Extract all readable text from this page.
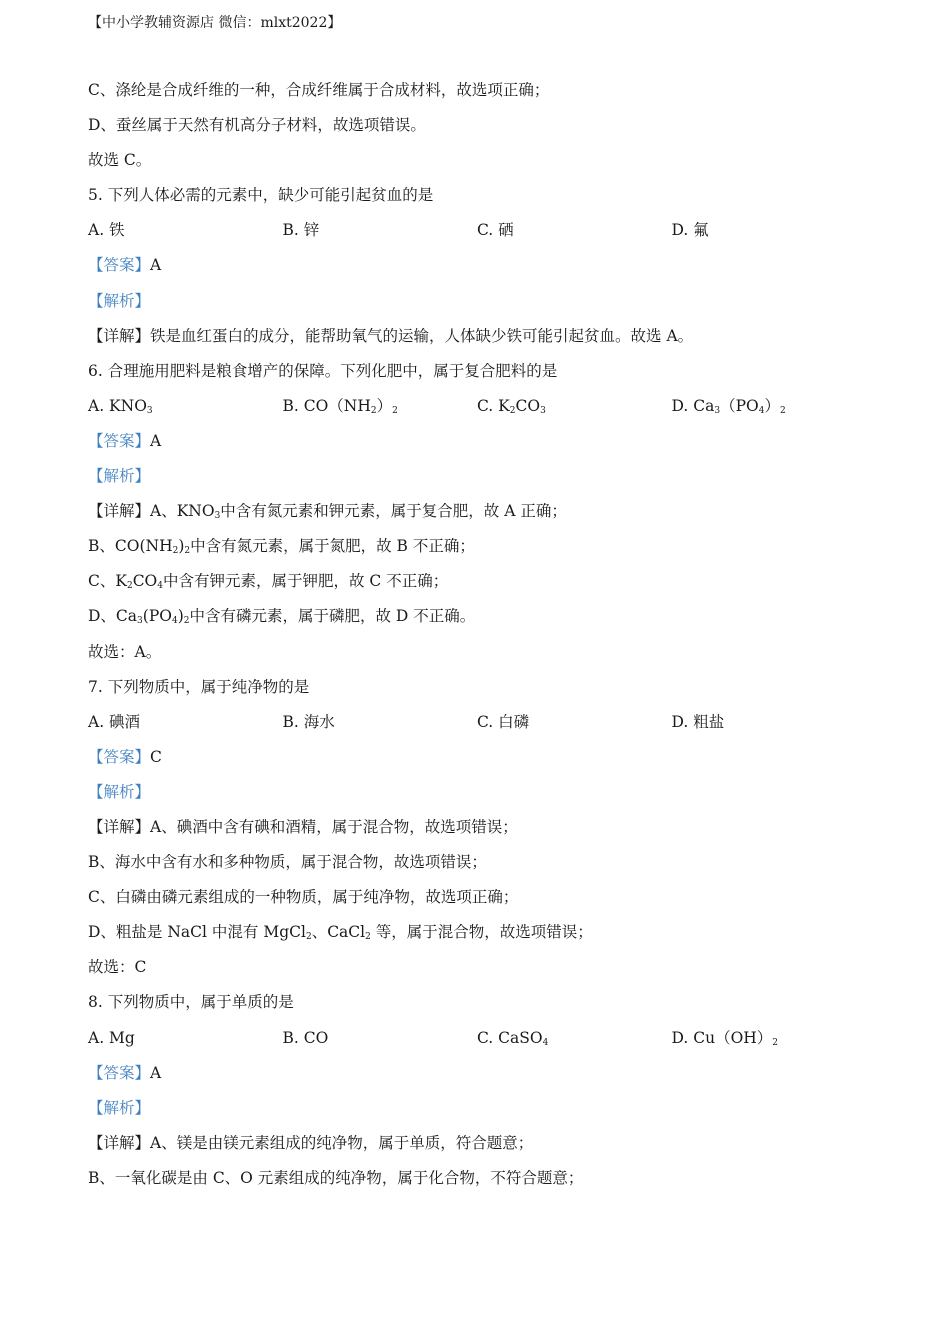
【中小学教辅资源店 微信：mlxt2022】
C、涤纶是合成纤维的一种，合成纤维属于合成材料，故选项正确；
D、蚕丝属于天然有机高分子材料，故选项错误。
故选 C。
5. 下列人体必需的元素中，缺少可能引起贫血的是
A. 铁	B. 锌	C. 硒	D. 氟
【答案】A
【解析】
【详解】铁是血红蛋白的成分，能帮助氧气的运输，人体缺少铁可能引起贫血。故选 A。
6. 合理施用肥料是粮食增产的保障。下列化肥中，属于复合肥料的是
A. $KNO_3$	B. $CO(NH_2)_2$	C. $K_2CO_3$	D. $Ca_3(PO_4)_2$
【答案】A
【解析】
【详解】A、$KNO_3$中含有氮元素和钾元素，属于复合肥，故 A 正确；
B、$CO(NH_2)_2$中含有氮元素，属于氮肥，故 B 不正确；
C、$K_2CO_4$中含有钾元素，属于钾肥，故 C 不正确；
D、$Ca_3(PO_4)_2$中含有磷元素，属于磷肥，故 D 不正确。
故选：A。
7. 下列物质中，属于纯净物的是
A. 碘酒	B. 海水	C. 白磷	D. 粗盐
【答案】C
【解析】
【详解】A、碘酒中含有碘和酒精，属于混合物，故选项错误；
B、海水中含有水和多种物质，属于混合物，故选项错误；
C、白磷由磷元素组成的一种物质，属于纯净物，故选项正确；
D、粗盐是 NaCl 中混有 MgCl$_2$、CaCl$_2$ 等，属于混合物，故选项错误；
故选：C
8. 下列物质中，属于单质的是
A. Mg	B. CO	C. CaSO$_4$	D. $Cu(OH)_2$
【答案】A
【解析】
【详解】A、镁是由镁元素组成的纯净物，属于单质，符合题意；
B、一氧化碳是由 C、O 元素组成的纯净物，属于化合物，不符合题意；
